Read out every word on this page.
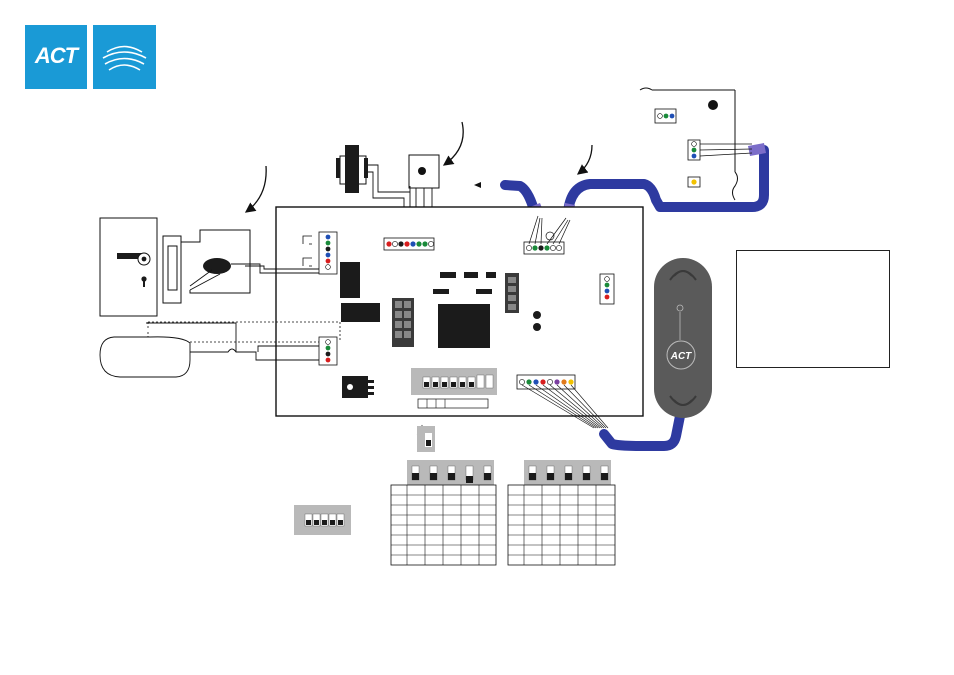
ACT
ACT
